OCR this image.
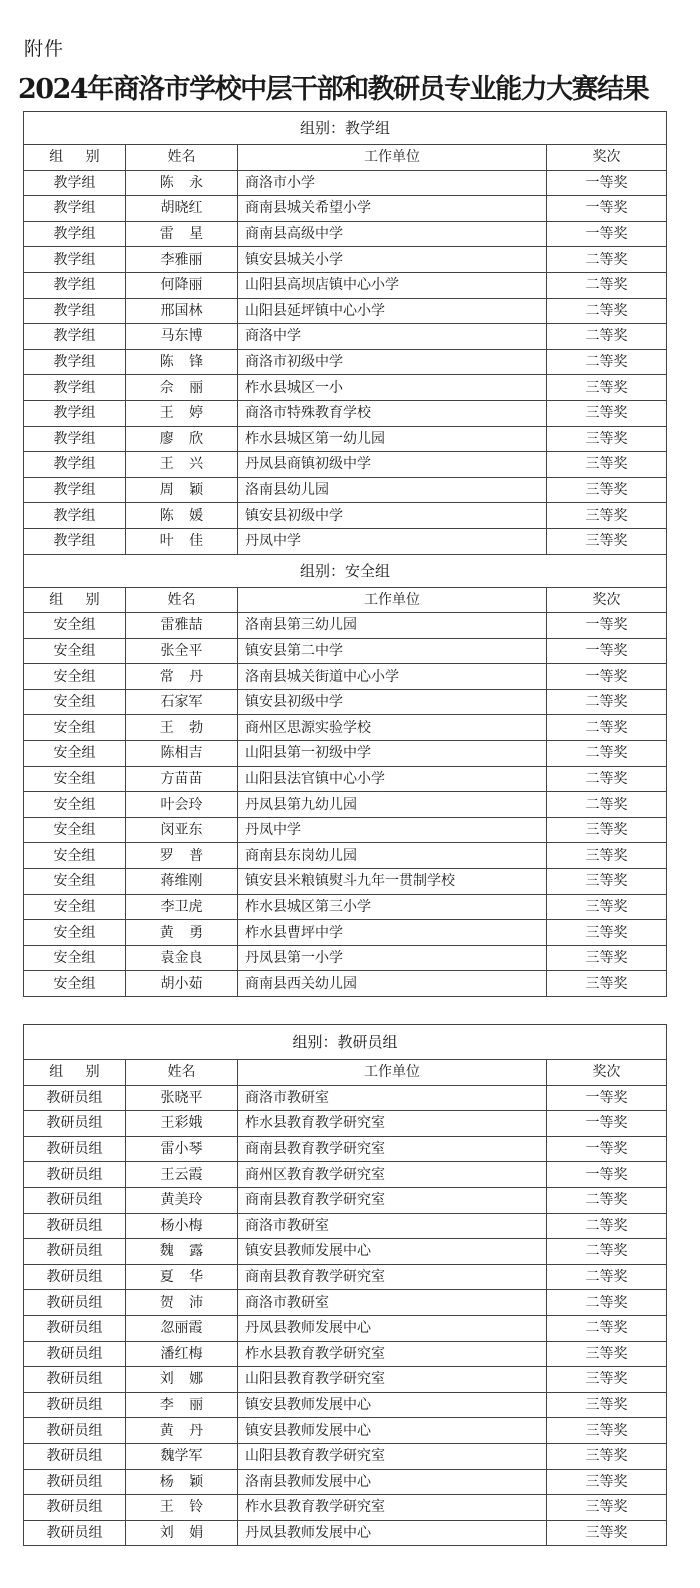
附件
2024年商洛市学校中层干部和教研员专业能力大赛结果
组别：教学组			
组别	姓名	工作单位	奖次
教学组	陈永	商洛市小学	一等奖
教学组	胡晓红	商南县城关希望小学	一等奖
教学组	雷星	商南县高级中学	一等奖
教学组	李雅丽	镇安县城关小学	二等奖
教学组	何降丽	山阳县高坝店镇中心小学	二等奖
教学组	邢国林	山阳县延坪镇中心小学	二等奖
教学组	马东博	商洛中学	二等奖
教学组	陈锋	商洛市初级中学	二等奖
教学组	佘丽	柞水县城区一小	三等奖
教学组	王婷	商洛市特殊教育学校	三等奖
教学组	廖欣	柞水县城区第一幼儿园	三等奖
教学组	王兴	丹凤县商镇初级中学	三等奖
教学组	周颖	洛南县幼儿园	三等奖
教学组	陈媛	镇安县初级中学	三等奖
教学组	叶佳	丹凤中学	三等奖
组别：安全组			
组别	姓名	工作单位	奖次
安全组	雷雅喆	洛南县第三幼儿园	一等奖
安全组	张全平	镇安县第二中学	一等奖
安全组	常丹	洛南县城关街道中心小学	一等奖
安全组	石家军	镇安县初级中学	二等奖
安全组	王勃	商州区思源实验学校	二等奖
安全组	陈相吉	山阳县第一初级中学	二等奖
安全组	方苗苗	山阳县法官镇中心小学	二等奖
安全组	叶会玲	丹凤县第九幼儿园	二等奖
安全组	闵亚东	丹凤中学	三等奖
安全组	罗普	商南县东岗幼儿园	三等奖
安全组	蒋维刚	镇安县米粮镇熨斗九年一贯制学校	三等奖
安全组	李卫虎	柞水县城区第三小学	三等奖
安全组	黄勇	柞水县曹坪中学	三等奖
安全组	袁金良	丹凤县第一小学	三等奖
安全组	胡小茹	商南县西关幼儿园	三等奖
组别：教研员组			
组别	姓名	工作单位	奖次
教研员组	张晓平	商洛市教研室	一等奖
教研员组	王彩娥	柞水县教育教学研究室	一等奖
教研员组	雷小琴	商南县教育教学研究室	一等奖
教研员组	王云霞	商州区教育教学研究室	一等奖
教研员组	黄美玲	商南县教育教学研究室	二等奖
教研员组	杨小梅	商洛市教研室	二等奖
教研员组	魏露	镇安县教师发展中心	二等奖
教研员组	夏华	商南县教育教学研究室	二等奖
教研员组	贺沛	商洛市教研室	二等奖
教研员组	忽丽霞	丹凤县教师发展中心	二等奖
教研员组	潘红梅	柞水县教育教学研究室	三等奖
教研员组	刘娜	山阳县教育教学研究室	三等奖
教研员组	李丽	镇安县教师发展中心	三等奖
教研员组	黄丹	镇安县教师发展中心	三等奖
教研员组	魏学军	山阳县教育教学研究室	三等奖
教研员组	杨颖	洛南县教师发展中心	三等奖
教研员组	王铃	柞水县教育教学研究室	三等奖
教研员组	刘娟	丹凤县教师发展中心	三等奖
